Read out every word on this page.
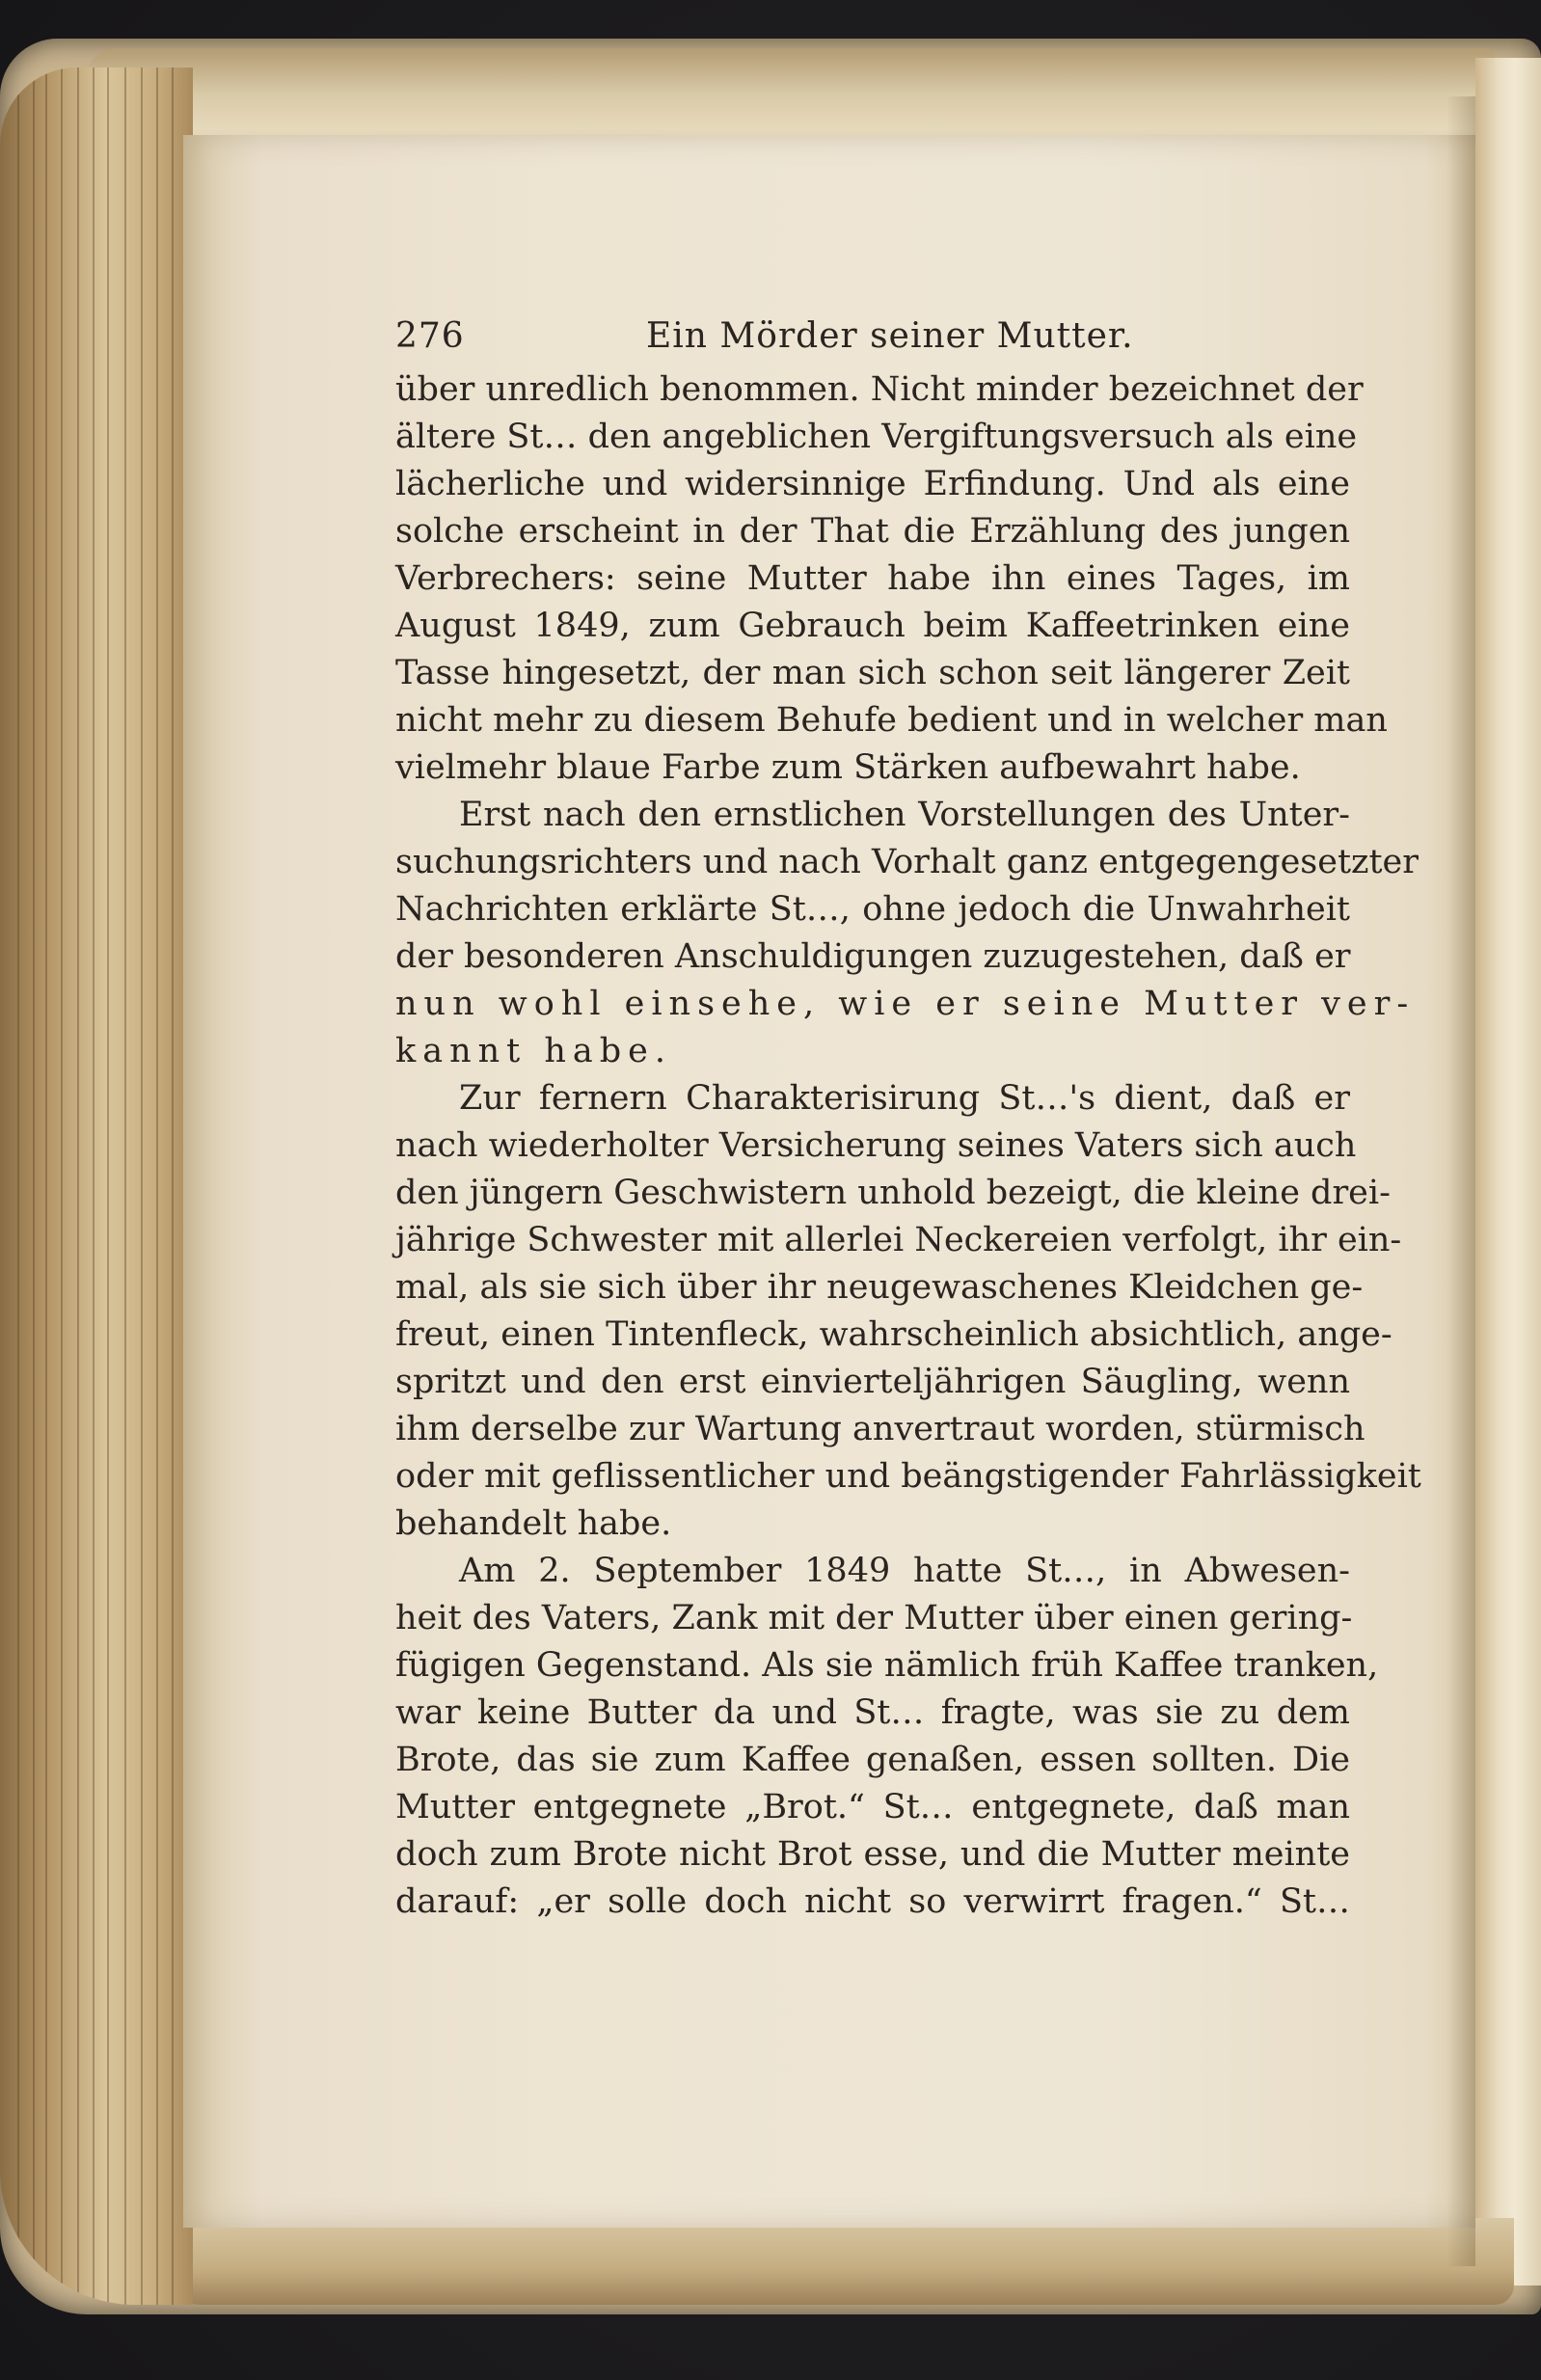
276	Ein Mörder seiner Mutter.
über unredlich benommen. Nicht minder bezeichnet der
ältere St… den angeblichen Vergiftungsversuch als eine
lächerliche und widersinnige Erfindung. Und als eine
solche erscheint in der That die Erzählung des jungen
Verbrechers: seine Mutter habe ihn eines Tages, im
August 1849, zum Gebrauch beim Kaffeetrinken eine
Tasse hingesetzt, der man sich schon seit längerer Zeit
nicht mehr zu diesem Behufe bedient und in welcher man
vielmehr blaue Farbe zum Stärken aufbewahrt habe.
Erst nach den ernstlichen Vorstellungen des Unter-
suchungsrichters und nach Vorhalt ganz entgegengesetzter
Nachrichten erklärte St…, ohne jedoch die Unwahrheit
der besonderen Anschuldigungen zuzugestehen, daß er
nun wohl einsehe, wie er seine Mutter ver-
kannt habe.
Zur fernern Charakterisirung St…'s dient, daß er
nach wiederholter Versicherung seines Vaters sich auch
den jüngern Geschwistern unhold bezeigt, die kleine drei-
jährige Schwester mit allerlei Neckereien verfolgt, ihr ein-
mal, als sie sich über ihr neugewaschenes Kleidchen ge-
freut, einen Tintenfleck, wahrscheinlich absichtlich, ange-
spritzt und den erst einvierteljährigen Säugling, wenn
ihm derselbe zur Wartung anvertraut worden, stürmisch
oder mit geflissentlicher und beängstigender Fahrlässigkeit
behandelt habe.
Am 2. September 1849 hatte St…, in Abwesen-
heit des Vaters, Zank mit der Mutter über einen gering-
fügigen Gegenstand. Als sie nämlich früh Kaffee tranken,
war keine Butter da und St… fragte, was sie zu dem
Brote, das sie zum Kaffee genaßen, essen sollten. Die
Mutter entgegnete „Brot.“ St… entgegnete, daß man
doch zum Brote nicht Brot esse, und die Mutter meinte
darauf: „er solle doch nicht so verwirrt fragen.“ St…
